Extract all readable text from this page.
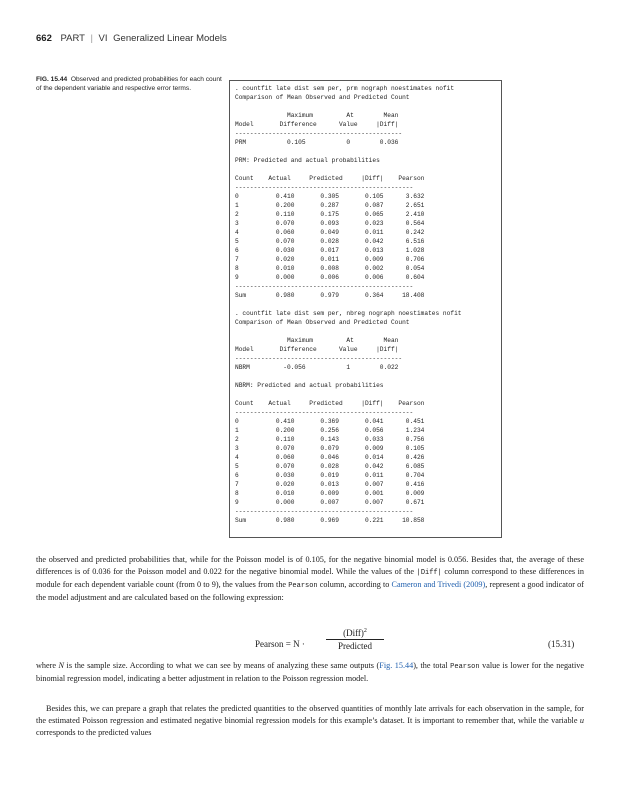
662 PART | VI Generalized Linear Models
FIG. 15.44 Observed and predicted probabilities for each count of the dependent variable and respective error terms.	. countfit late dist sem per, prm nograph noestimates nofit
Comparison of Mean Observed and Predicted Count

Maximum         At        Mean
Model       Difference      Value     |Diff|
---------------------------------------------
PRM           0.105           0        0.036

PRM: Predicted and actual probabilities

Count    Actual     Predicted     |Diff|    Pearson
------------------------------------------------
0          0.410       0.305       0.105      3.632
1          0.200       0.287       0.087      2.651
2          0.110       0.175       0.065      2.410
3          0.070       0.093       0.023      0.564
4          0.060       0.049       0.011      0.242
5          0.070       0.028       0.042      6.516
6          0.030       0.017       0.013      1.028
7          0.020       0.011       0.009      0.706
8          0.010       0.008       0.002      0.054
9          0.000       0.006       0.006      0.604
------------------------------------------------
Sum        0.980       0.979       0.364     18.408

. countfit late dist sem per, nbreg nograph noestimates nofit
Comparison of Mean Observed and Predicted Count

Maximum         At        Mean
Model       Difference      Value     |Diff|
---------------------------------------------
NBRM         -0.056           1        0.022

NBRM: Predicted and actual probabilities

Count    Actual     Predicted     |Diff|    Pearson
------------------------------------------------
0          0.410       0.369       0.041      0.451
1          0.200       0.256       0.056      1.234
2          0.110       0.143       0.033      0.756
3          0.070       0.079       0.009      0.105
4          0.060       0.046       0.014      0.426
5          0.070       0.028       0.042      6.085
6          0.030       0.019       0.011      0.704
7          0.020       0.013       0.007      0.416
8          0.010       0.009       0.001      0.009
9          0.000       0.007       0.007      0.671
------------------------------------------------
Sum        0.980       0.969       0.221     10.858

the observed and predicted probabilities that, while for the Poisson model is of 0.105, for the negative binomial model is 0.056. Besides that, the average of these differences is of 0.036 for the Poisson model and 0.022 for the negative binomial model. While the values of the |Diff| column correspond to these differences in module for each dependent variable count (from 0 to 9), the values from the Pearson column, according to Cameron and Trivedi (2009), represent a good indicator of the model adjustment and are calculated based on the following expression:

Pearson = N ·
(Diff)$^2$
Predicted	(15.31)

where N is the sample size. According to what we can see by means of analyzing these same outputs (Fig. 15.44), the total Pearson value is lower for the negative binomial regression model, indicating a better adjustment in relation to the Poisson regression model.

Besides this, we can prepare a graph that relates the predicted quantities to the observed quantities of monthly late arrivals for each observation in the sample, for the estimated Poisson regression and estimated negative binomial regression models for this example’s dataset. It is important to remember that, while the variable u corresponds to the predicted values
